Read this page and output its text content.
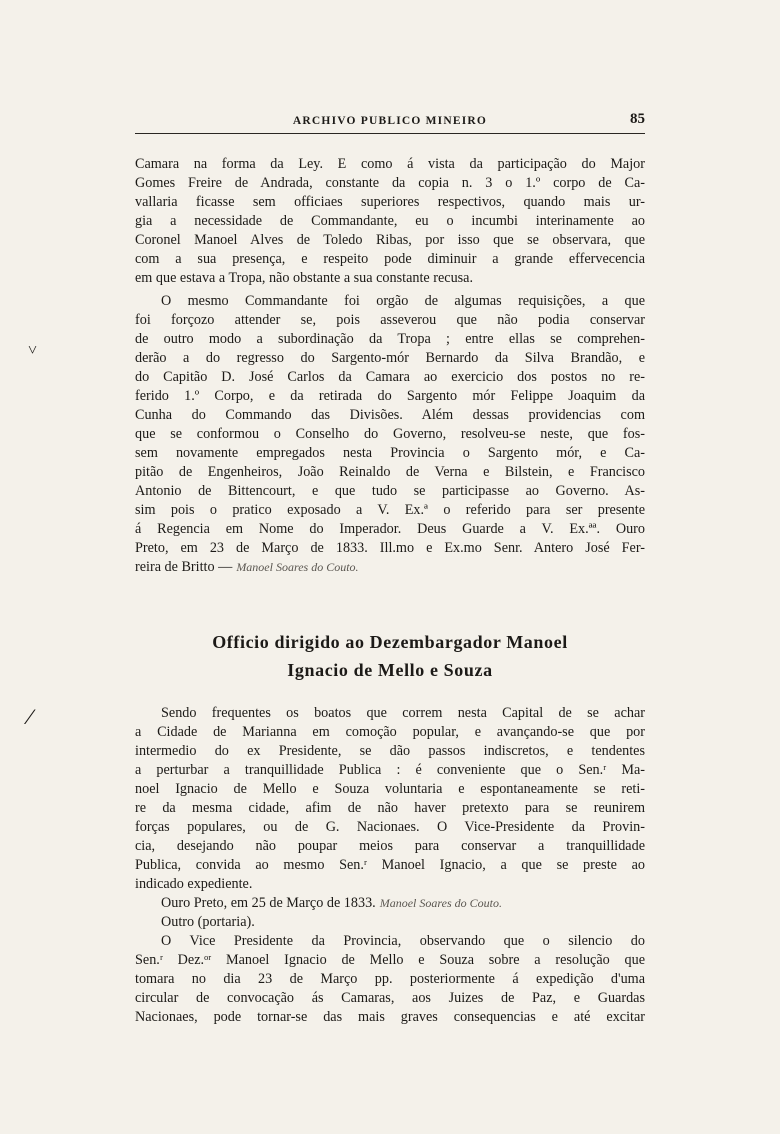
ARCHIVO PUBLICO MINEIRO	85
Camara na forma da Ley. E como á vista da participação do Major
Gomes Freire de Andrada, constante da copia n. 3 o 1.º corpo de Ca-
vallaria ficasse sem officiaes superiores respectivos, quando mais ur-
gia a necessidade de Commandante, eu o incumbi interinamente ao
Coronel Manoel Alves de Toledo Ribas, por isso que se observara, que
com a sua presença, e respeito pode diminuir a grande effervecencia
em que estava a Tropa, não obstante a sua constante recusa.
O mesmo Commandante foi orgão de algumas requisições, a que
foi forçozo attender se, pois asseverou que não podia conservar
de outro modo a subordinação da Tropa ; entre ellas se comprehen-
derão a do regresso do Sargento-mór Bernardo da Silva Brandão, e
do Capitão D. José Carlos da Camara ao exercicio dos postos no re-
ferido 1.º Corpo, e da retirada do Sargento mór Felippe Joaquim da
Cunha do Commando das Divisões. Além dessas providencias com
que se conformou o Conselho do Governo, resolveu-se neste, que fos-
sem novamente empregados nesta Provincia o Sargento mór, e Ca-
pitão de Engenheiros, João Reinaldo de Verna e Bilstein, e Francisco
Antonio de Bittencourt, e que tudo se participasse ao Governo. As-
sim pois o pratico exposado a V. Ex.ª o referido para ser presente
á Regencia em Nome do Imperador. Deus Guarde a V. Ex.ªª. Ouro
Preto, em 23 de Março de 1833. Ill.mo e Ex.mo Senr. Antero José Fer-
reira de Britto — Manoel Soares do Couto.
Officio dirigido ao Dezembargador Manoel
Ignacio de Mello e Souza
Sendo frequentes os boatos que correm nesta Capital de se achar
a Cidade de Marianna em comoção popular, e avançando-se que por
intermedio do ex Presidente, se dão passos indiscretos, e tendentes
a perturbar a tranquillidade Publica : é conveniente que o Sen.ʳ Ma-
noel Ignacio de Mello e Souza voluntaria e espontaneamente se reti-
re da mesma cidade, afim de não haver pretexto para se reunirem
forças populares, ou de G. Nacionaes. O Vice-Presidente da Provin-
cia, desejando não poupar meios para conservar a tranquillidade
Publica, convida ao mesmo Sen.ʳ Manoel Ignacio, a que se preste ao
indicado expediente.
Ouro Preto, em 25 de Março de 1833. Manoel Soares do Couto.
Outro (portaria).
O Vice Presidente da Provincia, observando que o silencio do
Sen.ʳ Dez.ᵒʳ Manoel Ignacio de Mello e Souza sobre a resolução que
tomara no dia 23 de Março pp. posteriormente á expedição d'uma
circular de convocação ás Camaras, aos Juizes de Paz, e Guardas
Nacionaes, pode tornar-se das mais graves consequencias e até excitar
˅
⁄
